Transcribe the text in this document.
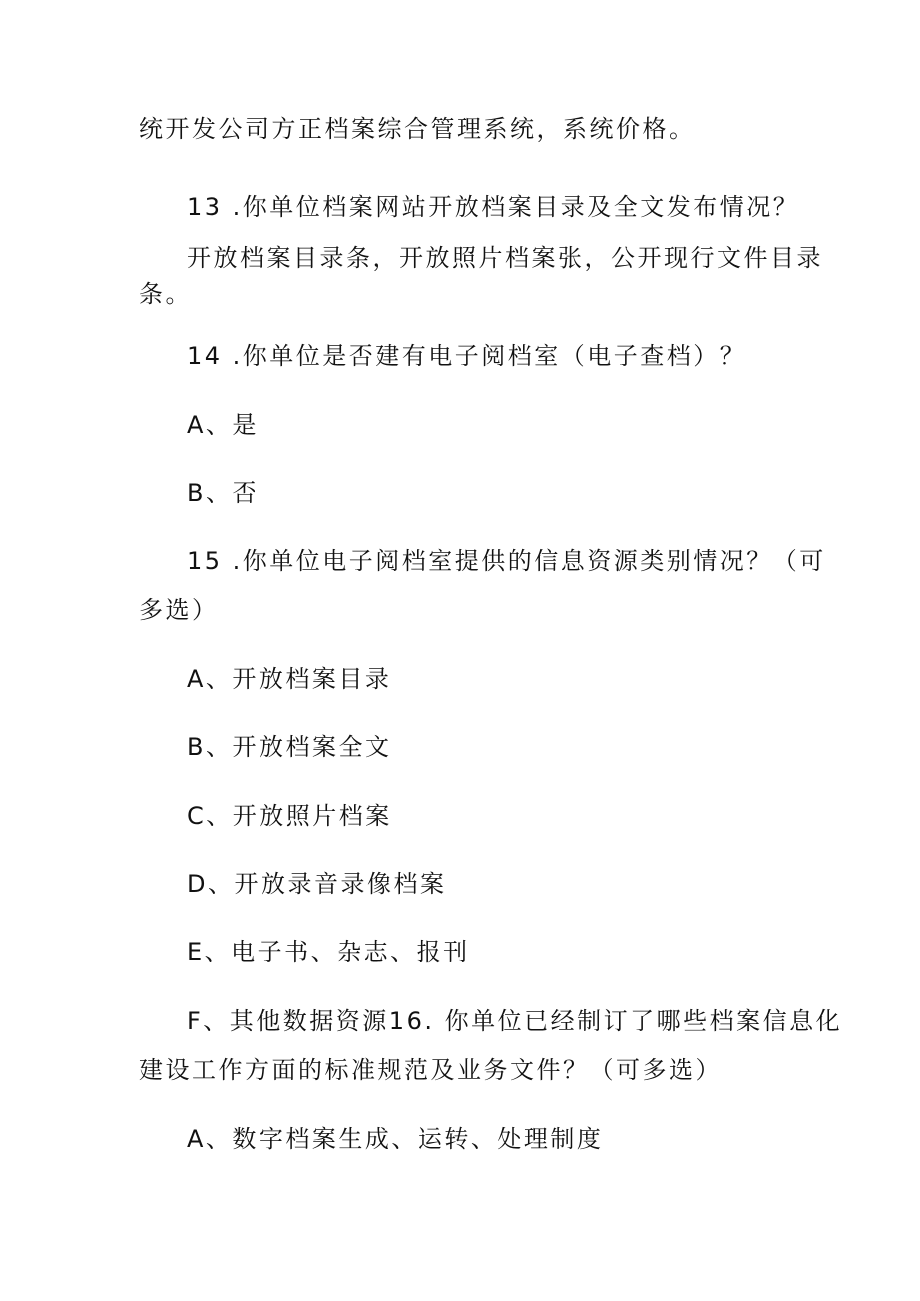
统开发公司方正档案综合管理系统，系统价格。
13 .你单位档案网站开放档案目录及全文发布情况？
开放档案目录条，开放照片档案张，公开现行文件目录
条。
14 .你单位是否建有电子阅档室（电子查档）？
A、是
B、否
15 .你单位电子阅档室提供的信息资源类别情况？（可
多选）
A、开放档案目录
B、开放档案全文
C、开放照片档案
D、开放录音录像档案
E、电子书、杂志、报刊
F、其他数据资源16. 你单位已经制订了哪些档案信息化
建设工作方面的标准规范及业务文件？（可多选）
A、数字档案生成、运转、处理制度
